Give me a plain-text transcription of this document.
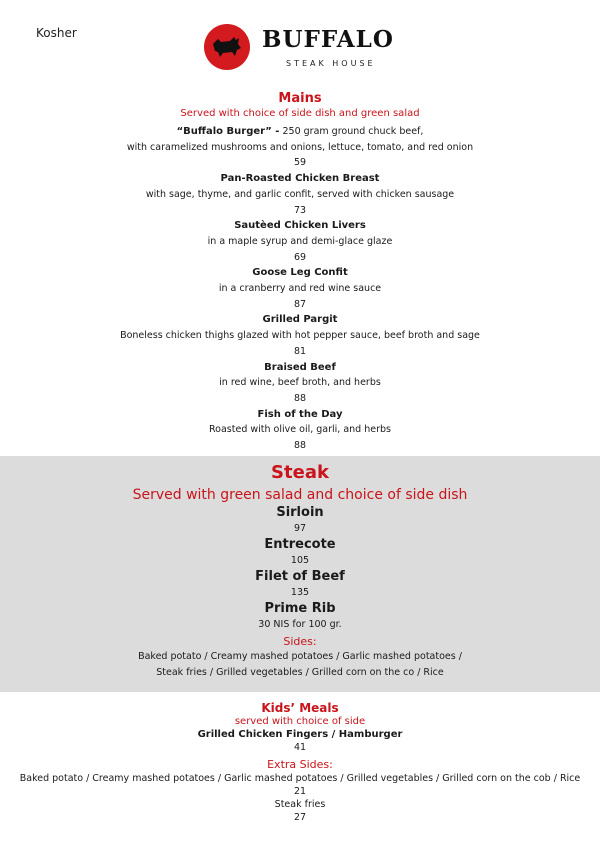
Kosher	BUFFALO
STEAK HOUSE
Mains
Served with choice of side dish and green salad
“Buffalo Burger” - 250 gram ground chuck beef,
with caramelized mushrooms and onions, lettuce, tomato, and red onion
59
Pan-Roasted Chicken Breast
with sage, thyme, and garlic confit, served with chicken sausage
73
Sautèed Chicken Livers
in a maple syrup and demi-glace glaze
69
Goose Leg Confit
in a cranberry and red wine sauce
87
Grilled Pargit
Boneless chicken thighs glazed with hot pepper sauce, beef broth and sage
81
Braised Beef
in red wine, beef broth, and herbs
88
Fish of the Day
Roasted with olive oil, garli, and herbs
88
Steak
Served with green salad and choice of side dish
Sirloin
97
Entrecote
105
Filet of Beef
135
Prime Rib
30 NIS for 100 gr.
Sides:
Baked potato / Creamy mashed potatoes / Garlic mashed potatoes /
Steak fries / Grilled vegetables / Grilled corn on the co / Rice
Kids’ Meals
served with choice of side
Grilled Chicken Fingers / Hamburger
41
Extra Sides:
Baked potato / Creamy mashed potatoes / Garlic mashed potatoes / Grilled vegetables / Grilled corn on the cob / Rice
21
Steak fries
27
